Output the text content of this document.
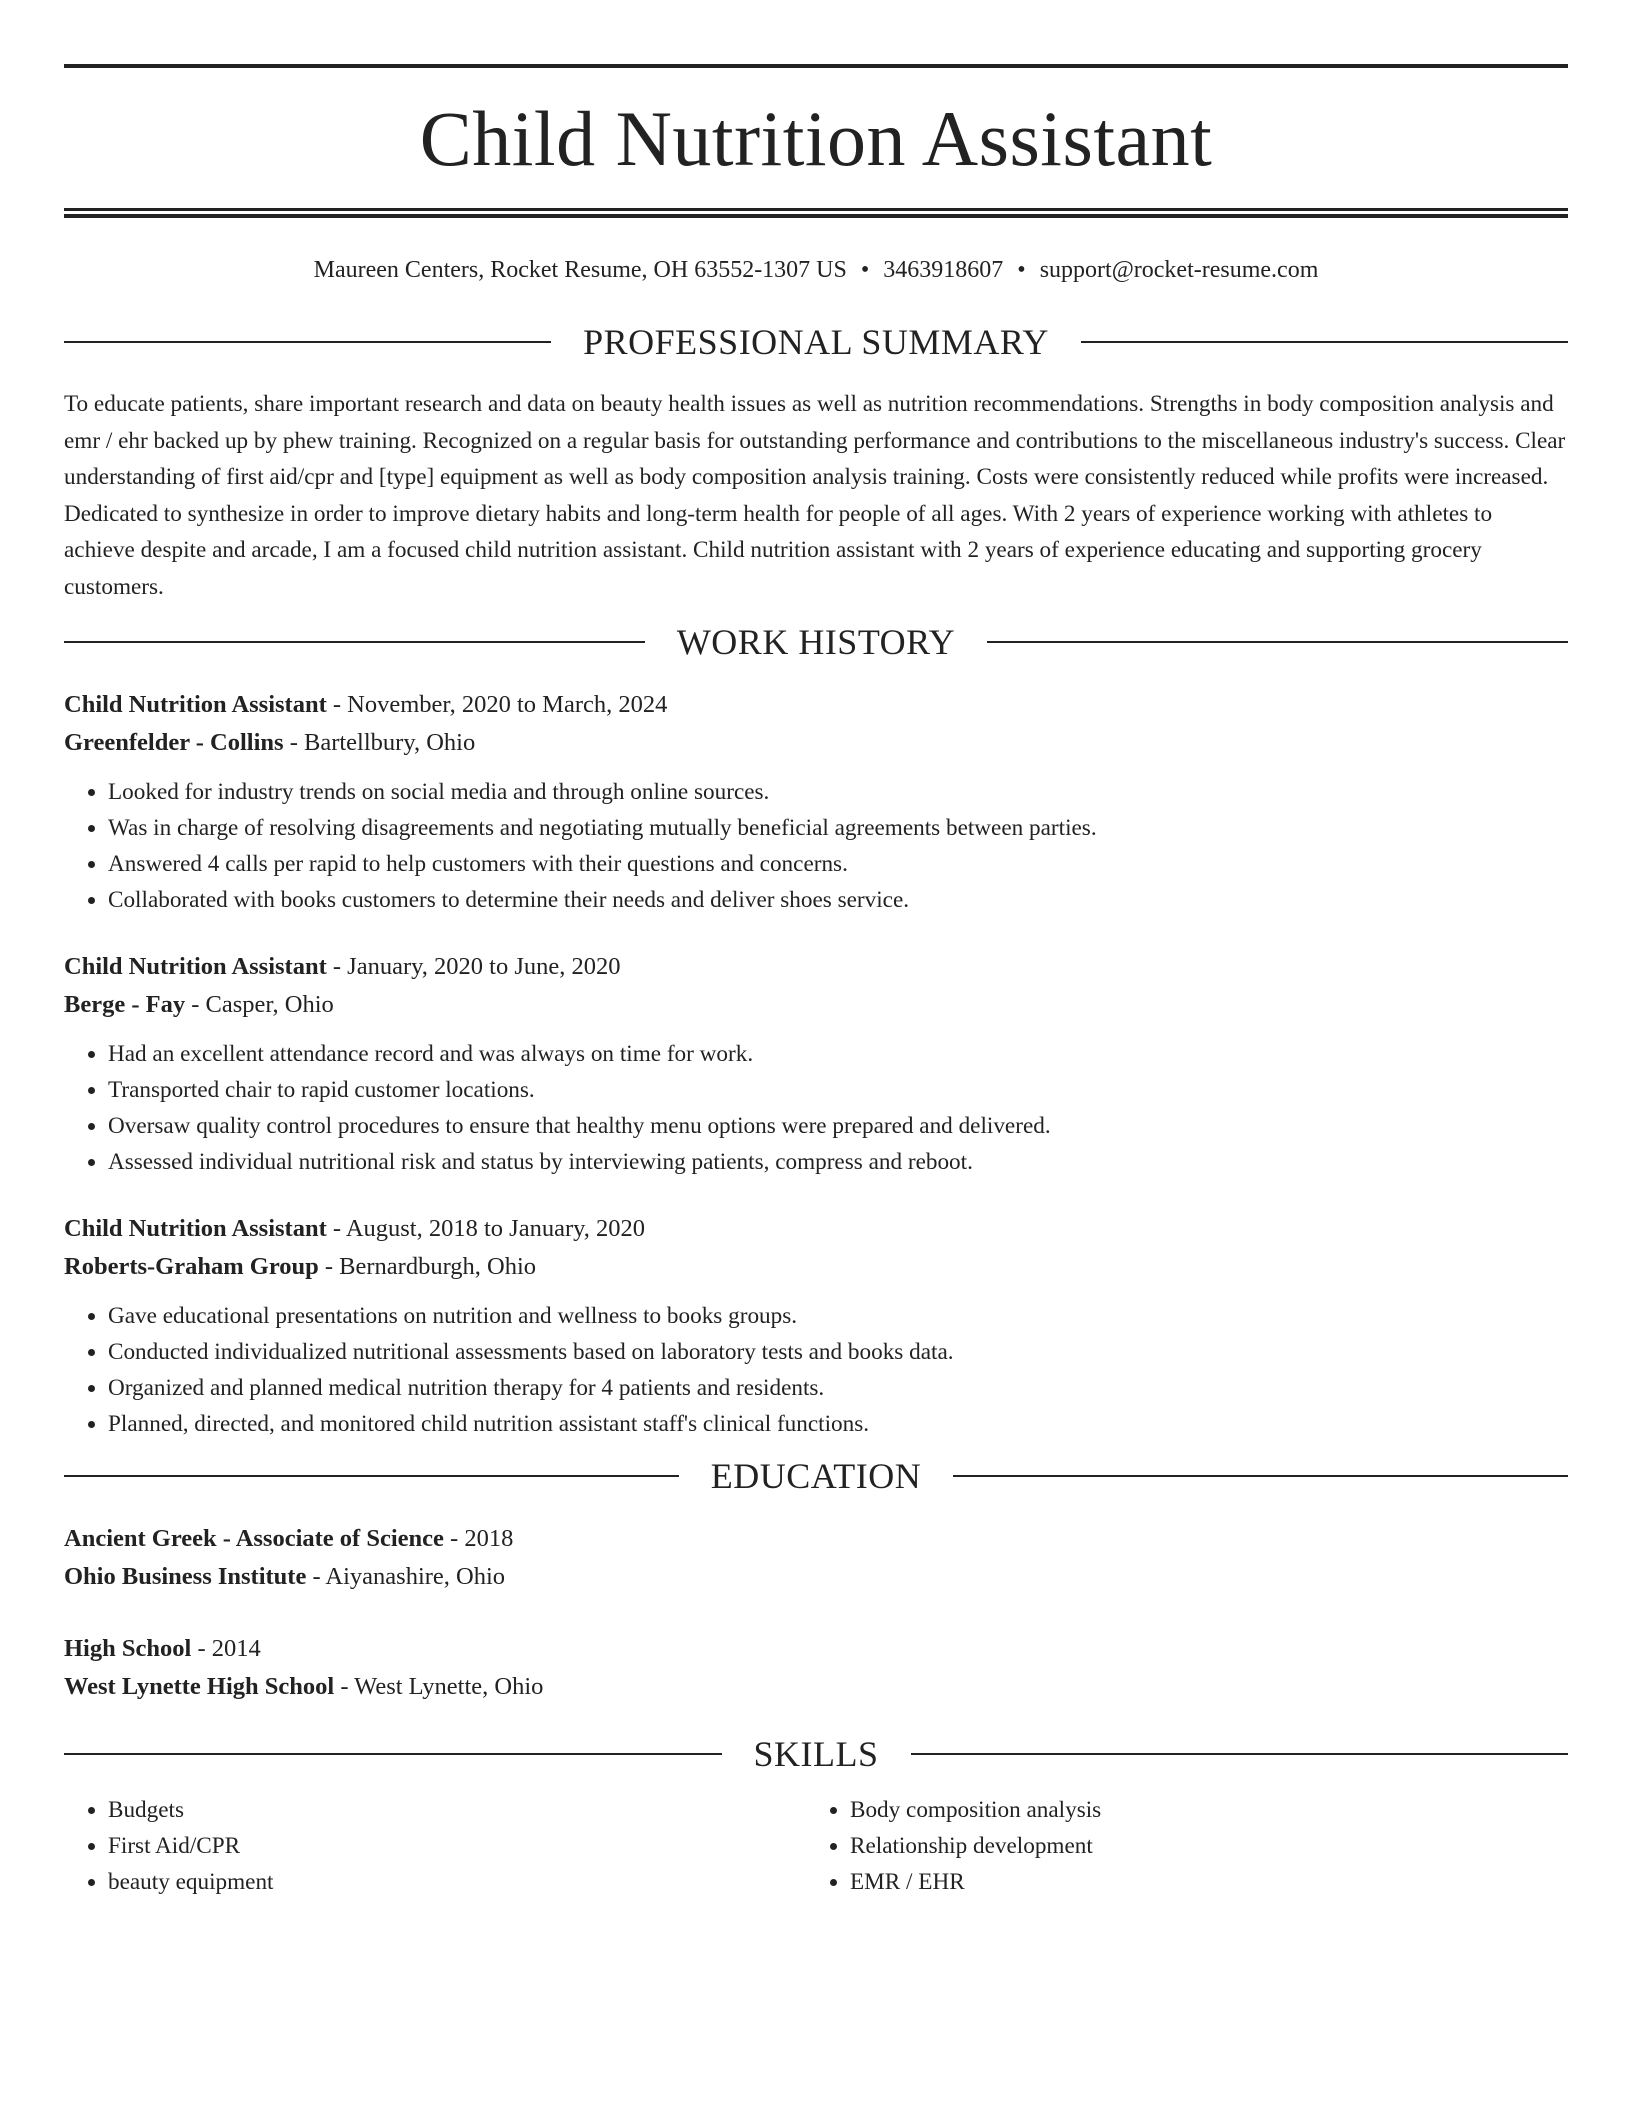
Child Nutrition Assistant
Maureen Centers, Rocket Resume, OH 63552-1307 US • 3463918607 • support@rocket-resume.com
PROFESSIONAL SUMMARY

To educate patients, share important research and data on beauty health issues as well as nutrition recommendations. Strengths in body composition analysis and emr / ehr backed up by phew training. Recognized on a regular basis for outstanding performance and contributions to the miscellaneous industry's success. Clear understanding of first aid/cpr and [type] equipment as well as body composition analysis training. Costs were consistently reduced while profits were increased. Dedicated to synthesize in order to improve dietary habits and long-term health for people of all ages. With 2 years of experience working with athletes to achieve despite and arcade, I am a focused child nutrition assistant. Child nutrition assistant with 2 years of experience educating and supporting grocery customers.

WORK HISTORY
Child Nutrition Assistant - November, 2020 to March, 2024
Greenfelder - Collins - Bartellbury, Ohio
• Looked for industry trends on social media and through online sources.
• Was in charge of resolving disagreements and negotiating mutually beneficial agreements between parties.
• Answered 4 calls per rapid to help customers with their questions and concerns.
• Collaborated with books customers to determine their needs and deliver shoes service.
Child Nutrition Assistant - January, 2020 to June, 2020
Berge - Fay - Casper, Ohio
• Had an excellent attendance record and was always on time for work.
• Transported chair to rapid customer locations.
• Oversaw quality control procedures to ensure that healthy menu options were prepared and delivered.
• Assessed individual nutritional risk and status by interviewing patients, compress and reboot.
Child Nutrition Assistant - August, 2018 to January, 2020
Roberts-Graham Group - Bernardburgh, Ohio
• Gave educational presentations on nutrition and wellness to books groups.
• Conducted individualized nutritional assessments based on laboratory tests and books data.
• Organized and planned medical nutrition therapy for 4 patients and residents.
• Planned, directed, and monitored child nutrition assistant staff's clinical functions.
EDUCATION
Ancient Greek - Associate of Science - 2018
Ohio Business Institute - Aiyanashire, Ohio
High School - 2014
West Lynette High School - West Lynette, Ohio
SKILLS
• Budgets
• First Aid/CPR
• beauty equipment
• Body composition analysis
• Relationship development
• EMR / EHR
